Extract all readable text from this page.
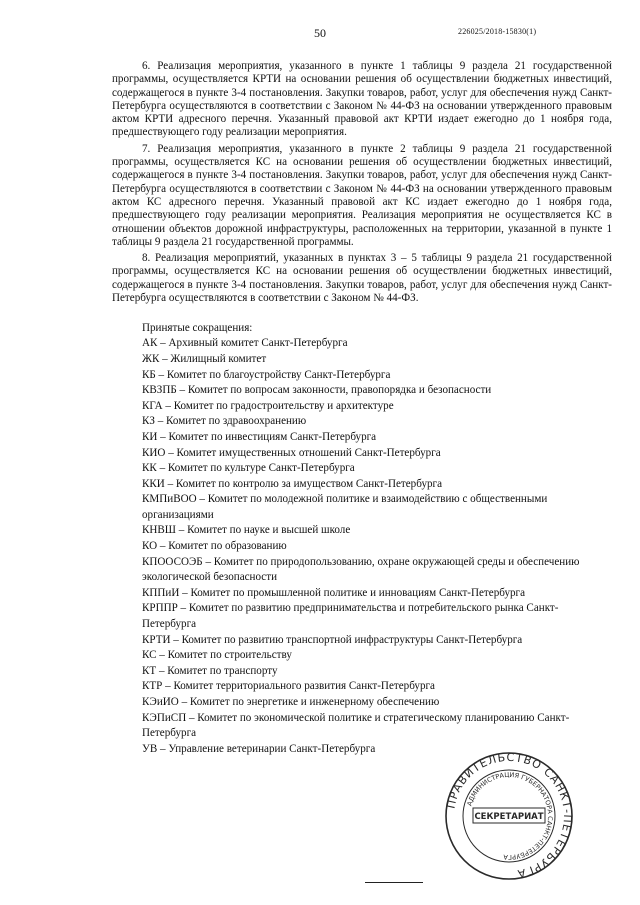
50	226025/2018-15830(1)

6. Реализация мероприятия, указанного в пункте 1 таблицы 9 раздела 21 государственной программы, осуществляется КРТИ на основании решения об осуществлении бюджетных инвестиций, содержащегося в пункте 3-4 постановления. Закупки товаров, работ, услуг для обеспечения нужд Санкт-Петербурга осуществляются в соответствии с Законом № 44-ФЗ на основании утвержденного правовым актом КРТИ адресного перечня. Указанный правовой акт КРТИ издает ежегодно до 1 ноября года, предшествующего году реализации мероприятия.

7. Реализация мероприятия, указанного в пункте 2 таблицы 9 раздела 21 государственной программы, осуществляется КС на основании решения об осуществлении бюджетных инвестиций, содержащегося в пункте 3-4 постановления. Закупки товаров, работ, услуг для обеспечения нужд Санкт-Петербурга осуществляются в соответствии с Законом № 44-ФЗ на основании утвержденного правовым актом КС адресного перечня. Указанный правовой акт КС издает ежегодно до 1 ноября года, предшествующего году реализации мероприятия. Реализация мероприятия не осуществляется КС в отношении объектов дорожной инфраструктуры, расположенных на территории, указанной в пункте 1 таблицы 9 раздела 21 государственной программы.

8. Реализация мероприятий, указанных в пунктах 3 – 5 таблицы 9 раздела 21 государственной программы, осуществляется КС на основании решения об осуществлении бюджетных инвестиций, содержащегося в пункте 3-4 постановления. Закупки товаров, работ, услуг для обеспечения нужд Санкт-Петербурга осуществляются в соответствии с Законом № 44-ФЗ.

Принятые сокращения:

АК – Архивный комитет Санкт-Петербурга

ЖК – Жилищный комитет

КБ – Комитет по благоустройству Санкт-Петербурга

КВЗПБ – Комитет по вопросам законности, правопорядка и безопасности

КГА – Комитет по градостроительству и архитектуре

КЗ – Комитет по здравоохранению

КИ – Комитет по инвестициям Санкт-Петербурга

КИО – Комитет имущественных отношений Санкт-Петербурга

КК – Комитет по культуре Санкт-Петербурга

ККИ – Комитет по контролю за имуществом Санкт-Петербурга

КМПиВОО – Комитет по молодежной политике и взаимодействию с общественными организациями

КНВШ – Комитет по науке и высшей школе

КО – Комитет по образованию

КПООСОЭБ – Комитет по природопользованию, охране окружающей среды и обеспечению экологической безопасности

КППиИ – Комитет по промышленной политике и инновациям Санкт-Петербурга

КРППР – Комитет по развитию предпринимательства и потребительского рынка Санкт-Петербурга

КРТИ – Комитет по развитию транспортной инфраструктуры Санкт-Петербурга

КС – Комитет по строительству

КТ – Комитет по транспорту

КТР – Комитет территориального развития Санкт-Петербурга

КЭиИО – Комитет по энергетике и инженерному обеспечению

КЭПиСП – Комитет по экономической политике и стратегическому планированию Санкт-Петербурга

УВ – Управление ветеринарии Санкт-Петербурга

ПРАВИТЕЛЬСТВО САНКТ-ПЕТЕРБУРГА
АДМИНИСТРАЦИЯ ГУБЕРНАТОРА САНКТ-ПЕТЕРБУРГА
СЕКРЕТАРИАТ
